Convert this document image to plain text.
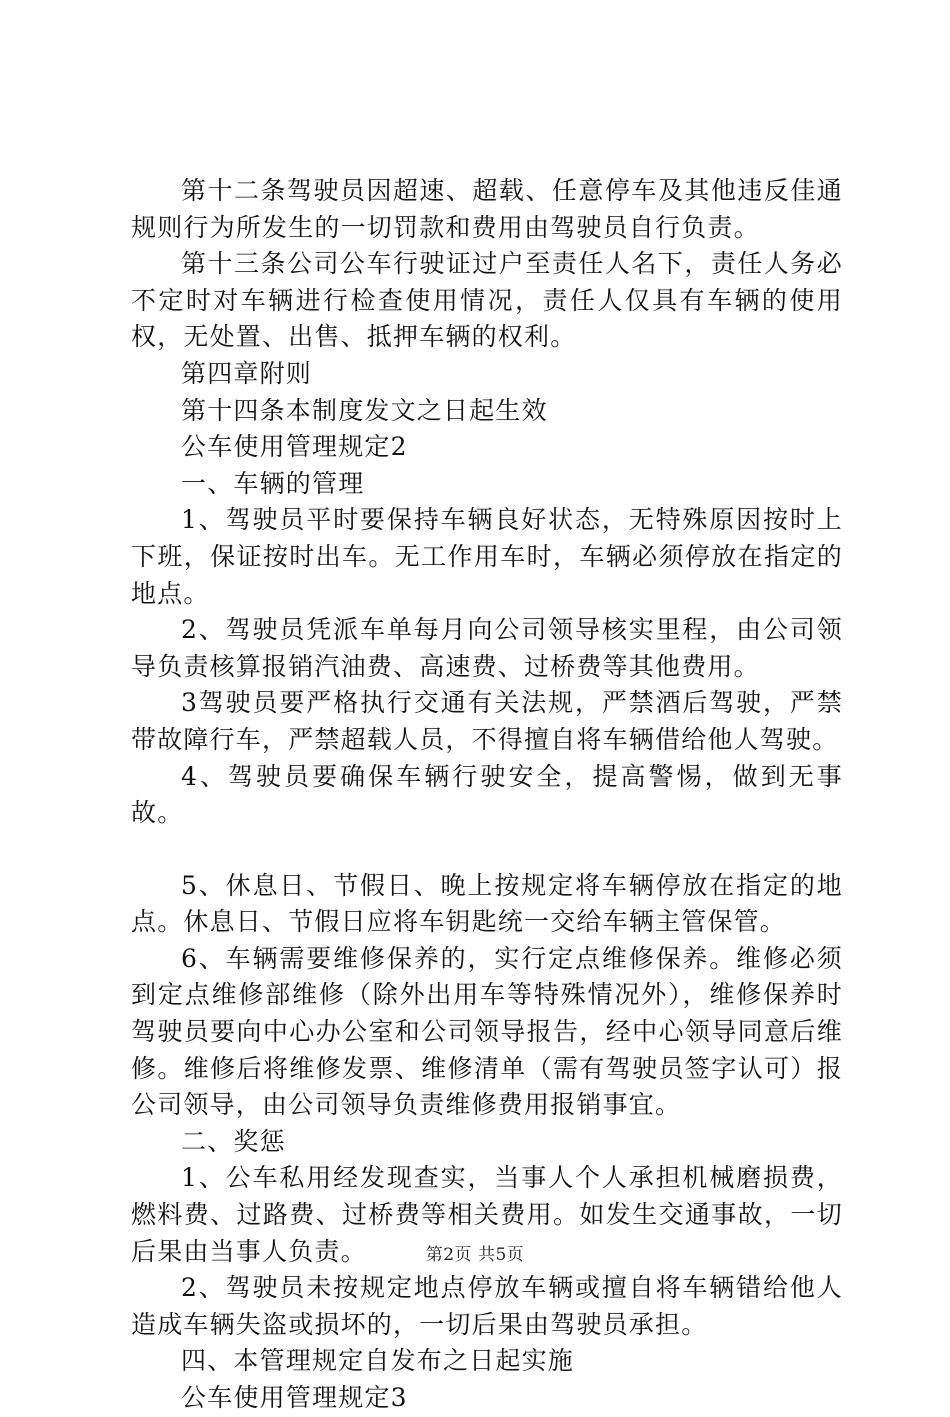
第十二条驾驶员因超速、超载、任意停车及其他违反佳通规则行为所发生的一切罚款和费用由驾驶员自行负责。

第十三条公司公车行驶证过户至责任人名下，责任人务必不定时对车辆进行检查使用情况，责任人仅具有车辆的使用权，无处置、出售、抵押车辆的权利。

第四章附则

第十四条本制度发文之日起生效

公车使用管理规定2

一、车辆的管理

1、驾驶员平时要保持车辆良好状态，无特殊原因按时上下班，保证按时出车。无工作用车时，车辆必须停放在指定的地点。

2、驾驶员凭派车单每月向公司领导核实里程，由公司领导负责核算报销汽油费、高速费、过桥费等其他费用。

3驾驶员要严格执行交通有关法规，严禁酒后驾驶，严禁带故障行车，严禁超载人员，不得擅自将车辆借给他人驾驶。

4、驾驶员要确保车辆行驶安全，提高警惕，做到无事故。

5、休息日、节假日、晚上按规定将车辆停放在指定的地点。休息日、节假日应将车钥匙统一交给车辆主管保管。

6、车辆需要维修保养的，实行定点维修保养。维修必须到定点维修部维修（除外出用车等特殊情况外），维修保养时驾驶员要向中心办公室和公司领导报告，经中心领导同意后维修。维修后将维修发票、维修清单（需有驾驶员签字认可）报公司领导，由公司领导负责维修费用报销事宜。

二、奖惩

1、公车私用经发现查实，当事人个人承担机械磨损费，燃料费、过路费、过桥费等相关费用。如发生交通事故，一切后果由当事人负责。

2、驾驶员未按规定地点停放车辆或擅自将车辆错给他人造成车辆失盗或损坏的，一切后果由驾驶员承担。

四、本管理规定自发布之日起实施

公车使用管理规定3

第2页 共5页
